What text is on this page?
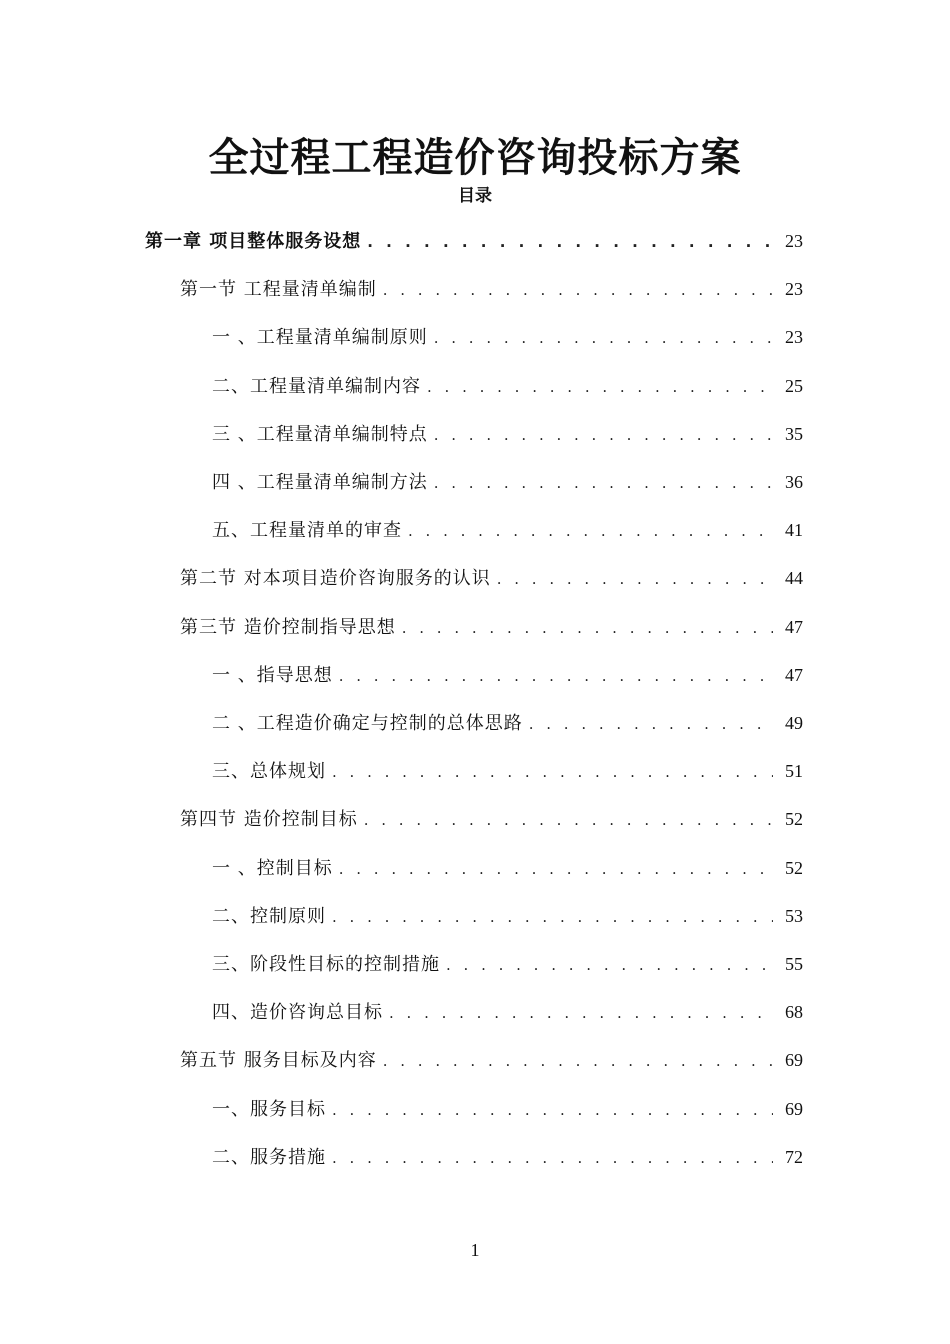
全过程工程造价咨询投标方案
目录
第一章 项目整体服务设想 . . .	23
第一节 工程量清单编制 . . .	23
一 、工程量清单编制原则 . . .	23
二、工程量清单编制内容 . . .	25
三 、工程量清单编制特点 . . .	35
四 、工程量清单编制方法 . . .	36
五、工程量清单的审查 . . .	41
第二节 对本项目造价咨询服务的认识 . . .	44
第三节 造价控制指导思想 . . .	47
一 、指导思想 . . .	47
二 、工程造价确定与控制的总体思路 . . .	49
三、总体规划 . . .	51
第四节 造价控制目标 . . .	52
一 、控制目标 . . .	52
二、控制原则 . . .	53
三、阶段性目标的控制措施 . . .	55
四、造价咨询总目标 . . .	68
第五节 服务目标及内容 . . .	69
一、服务目标 . . .	69
二、服务措施 . . .	72
1
